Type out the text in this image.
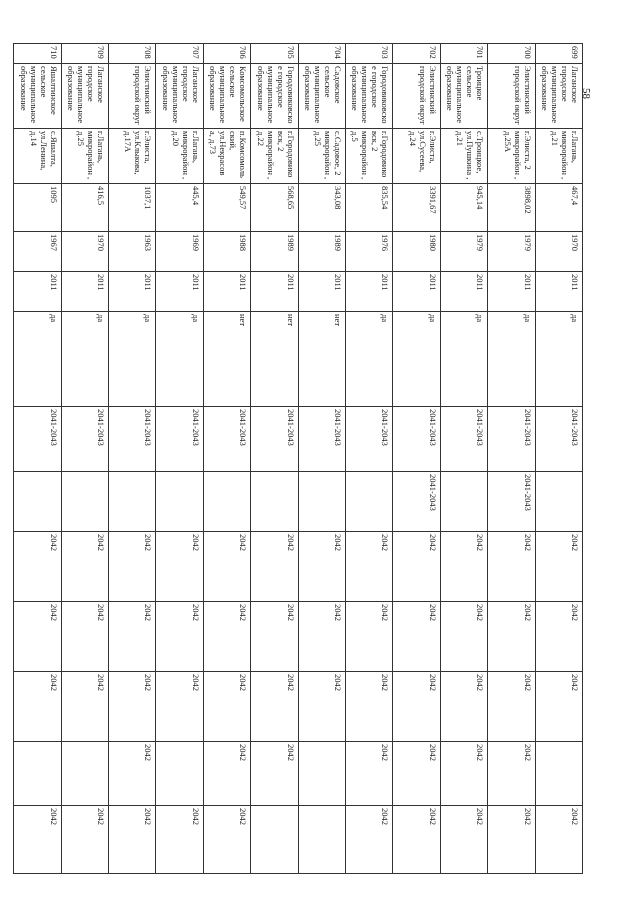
699	Лаганское городское муниципальное образование	г.Лагань, микрорайон , д.21	467,4	1970	2011	да	2041-2043		2042	2042	2042		2042
700	Элистинский городской округ	г.Элиста, 2 микрорайон , д.25А	3898,02	1979	2011	да	2041-2043	2041-2043	2042	2042	2042	2042	2042
701	Троицкое сельское муниципальное образование	с.Троицкое, ул.Пушкина , д.21	945,14	1979	2011	да	2041-2043		2042	2042	2042	2042	2042
702	Элистинский городской округ	г.Элиста, ул.Сусеева, д.24	3391,67	1980	2011	да	2041-2043	2041-2043	2042	2042	2042	2042	2042
703	Городовиковское городское муниципальное образование	г.Городовиковск, 2 микрорайон , д.5	835,54	1976	2011	да	2041-2043		2042	2042	2042	2042	2042
704	Садовское сельское муниципальное образование	с.Садовое, 2 микрорайон , д.25	343,08	1989	2011	нет	2041-2043		2042	2042	2042		
705	Городовиковское городское муниципальное образование	г.Городовиковск, 2 микрорайон , д.22	568,65	1989	2011	нет	2041-2043		2042	2042	2042	2042	
706	Комсомольское сельское муниципальное образование	п.Комсомольский, ул.Некрасов а, д.73	549,57	1988	2011	нет	2041-2043		2042	2042	2042	2042	2042
707	Лаганское городское муниципальное образование	г.Лагань, микрорайон , д.20	445,4	1969	2011	да	2041-2043		2042	2042	2042		2042
708	Элистинский городской округ	г.Элиста, ул.Клыкова, д.17А	1037,1	1963	2011	да	2041-2043		2042	2042	2042	2042	2042
709	Лаганское городское муниципальное образование	г.Лагань, микрорайон , д.25	416,5	1970	2011	да	2041-2043		2042	2042	2042		2042
710	Яшалтинское сельское муниципальное образование	с.Яшалта, ул.Ленина, д.14	1095	1967	2011	да	2041-2043		2042	2042	2042		2042
58
